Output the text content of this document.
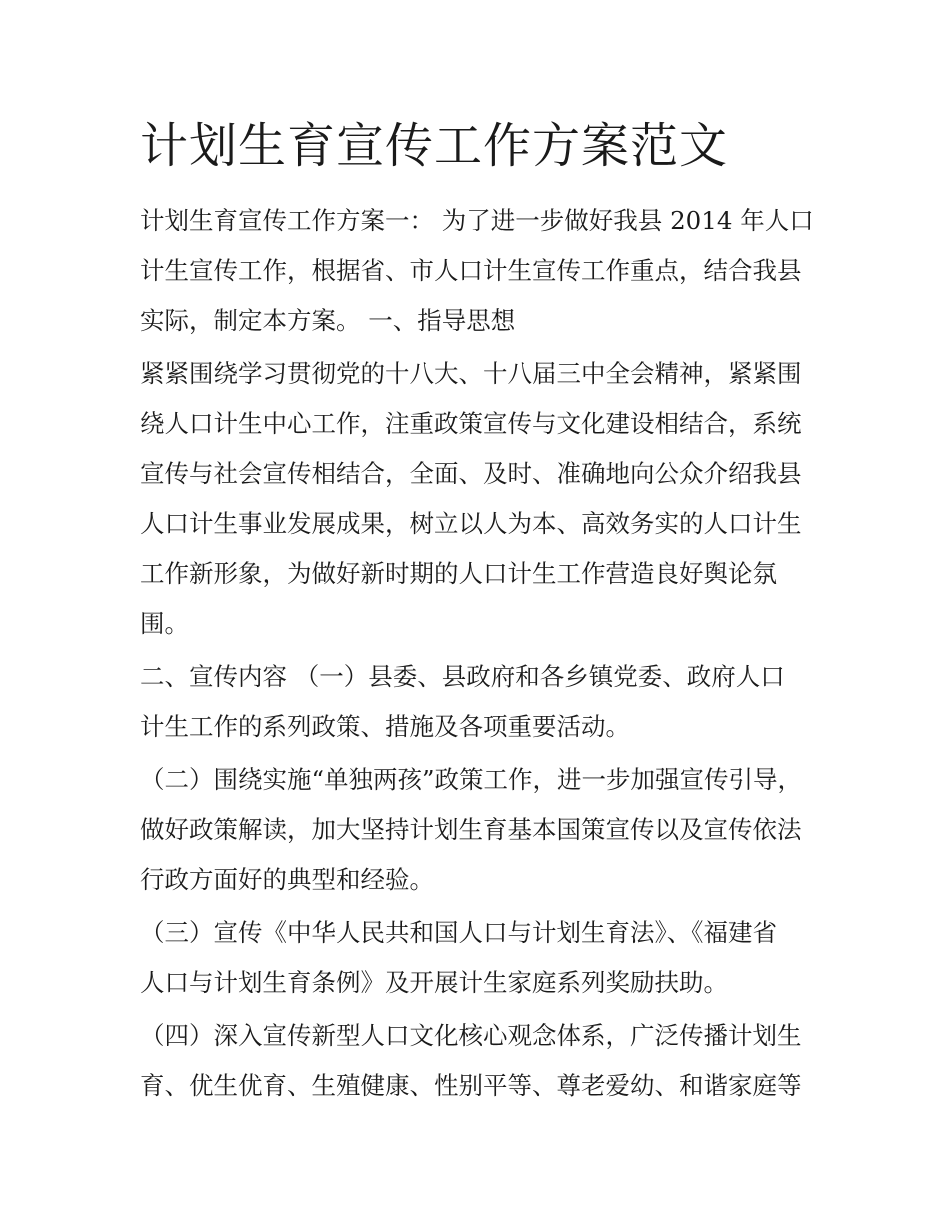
计划生育宣传工作方案范文

计划生育宣传工作方案一： 为了进一步做好我县 2014 年人口

计生宣传工作，根据省、市人口计生宣传工作重点，结合我县

实际，制定本方案。 一、指导思想

紧紧围绕学习贯彻党的十八大、十八届三中全会精神，紧紧围

绕人口计生中心工作，注重政策宣传与文化建设相结合，系统

宣传与社会宣传相结合，全面、及时、准确地向公众介绍我县

人口计生事业发展成果，树立以人为本、高效务实的人口计生

工作新形象，为做好新时期的人口计生工作营造良好舆论氛

围。

二、宣传内容 （一）县委、县政府和各乡镇党委、政府人口

计生工作的系列政策、措施及各项重要活动。

（二）围绕实施“单独两孩”政策工作，进一步加强宣传引导，

做好政策解读，加大坚持计划生育基本国策宣传以及宣传依法

行政方面好的典型和经验。

（三）宣传《中华人民共和国人口与计划生育法》、《福建省

人口与计划生育条例》及开展计生家庭系列奖励扶助。

（四）深入宣传新型人口文化核心观念体系，广泛传播计划生

育、优生优育、生殖健康、性别平等、尊老爱幼、和谐家庭等
